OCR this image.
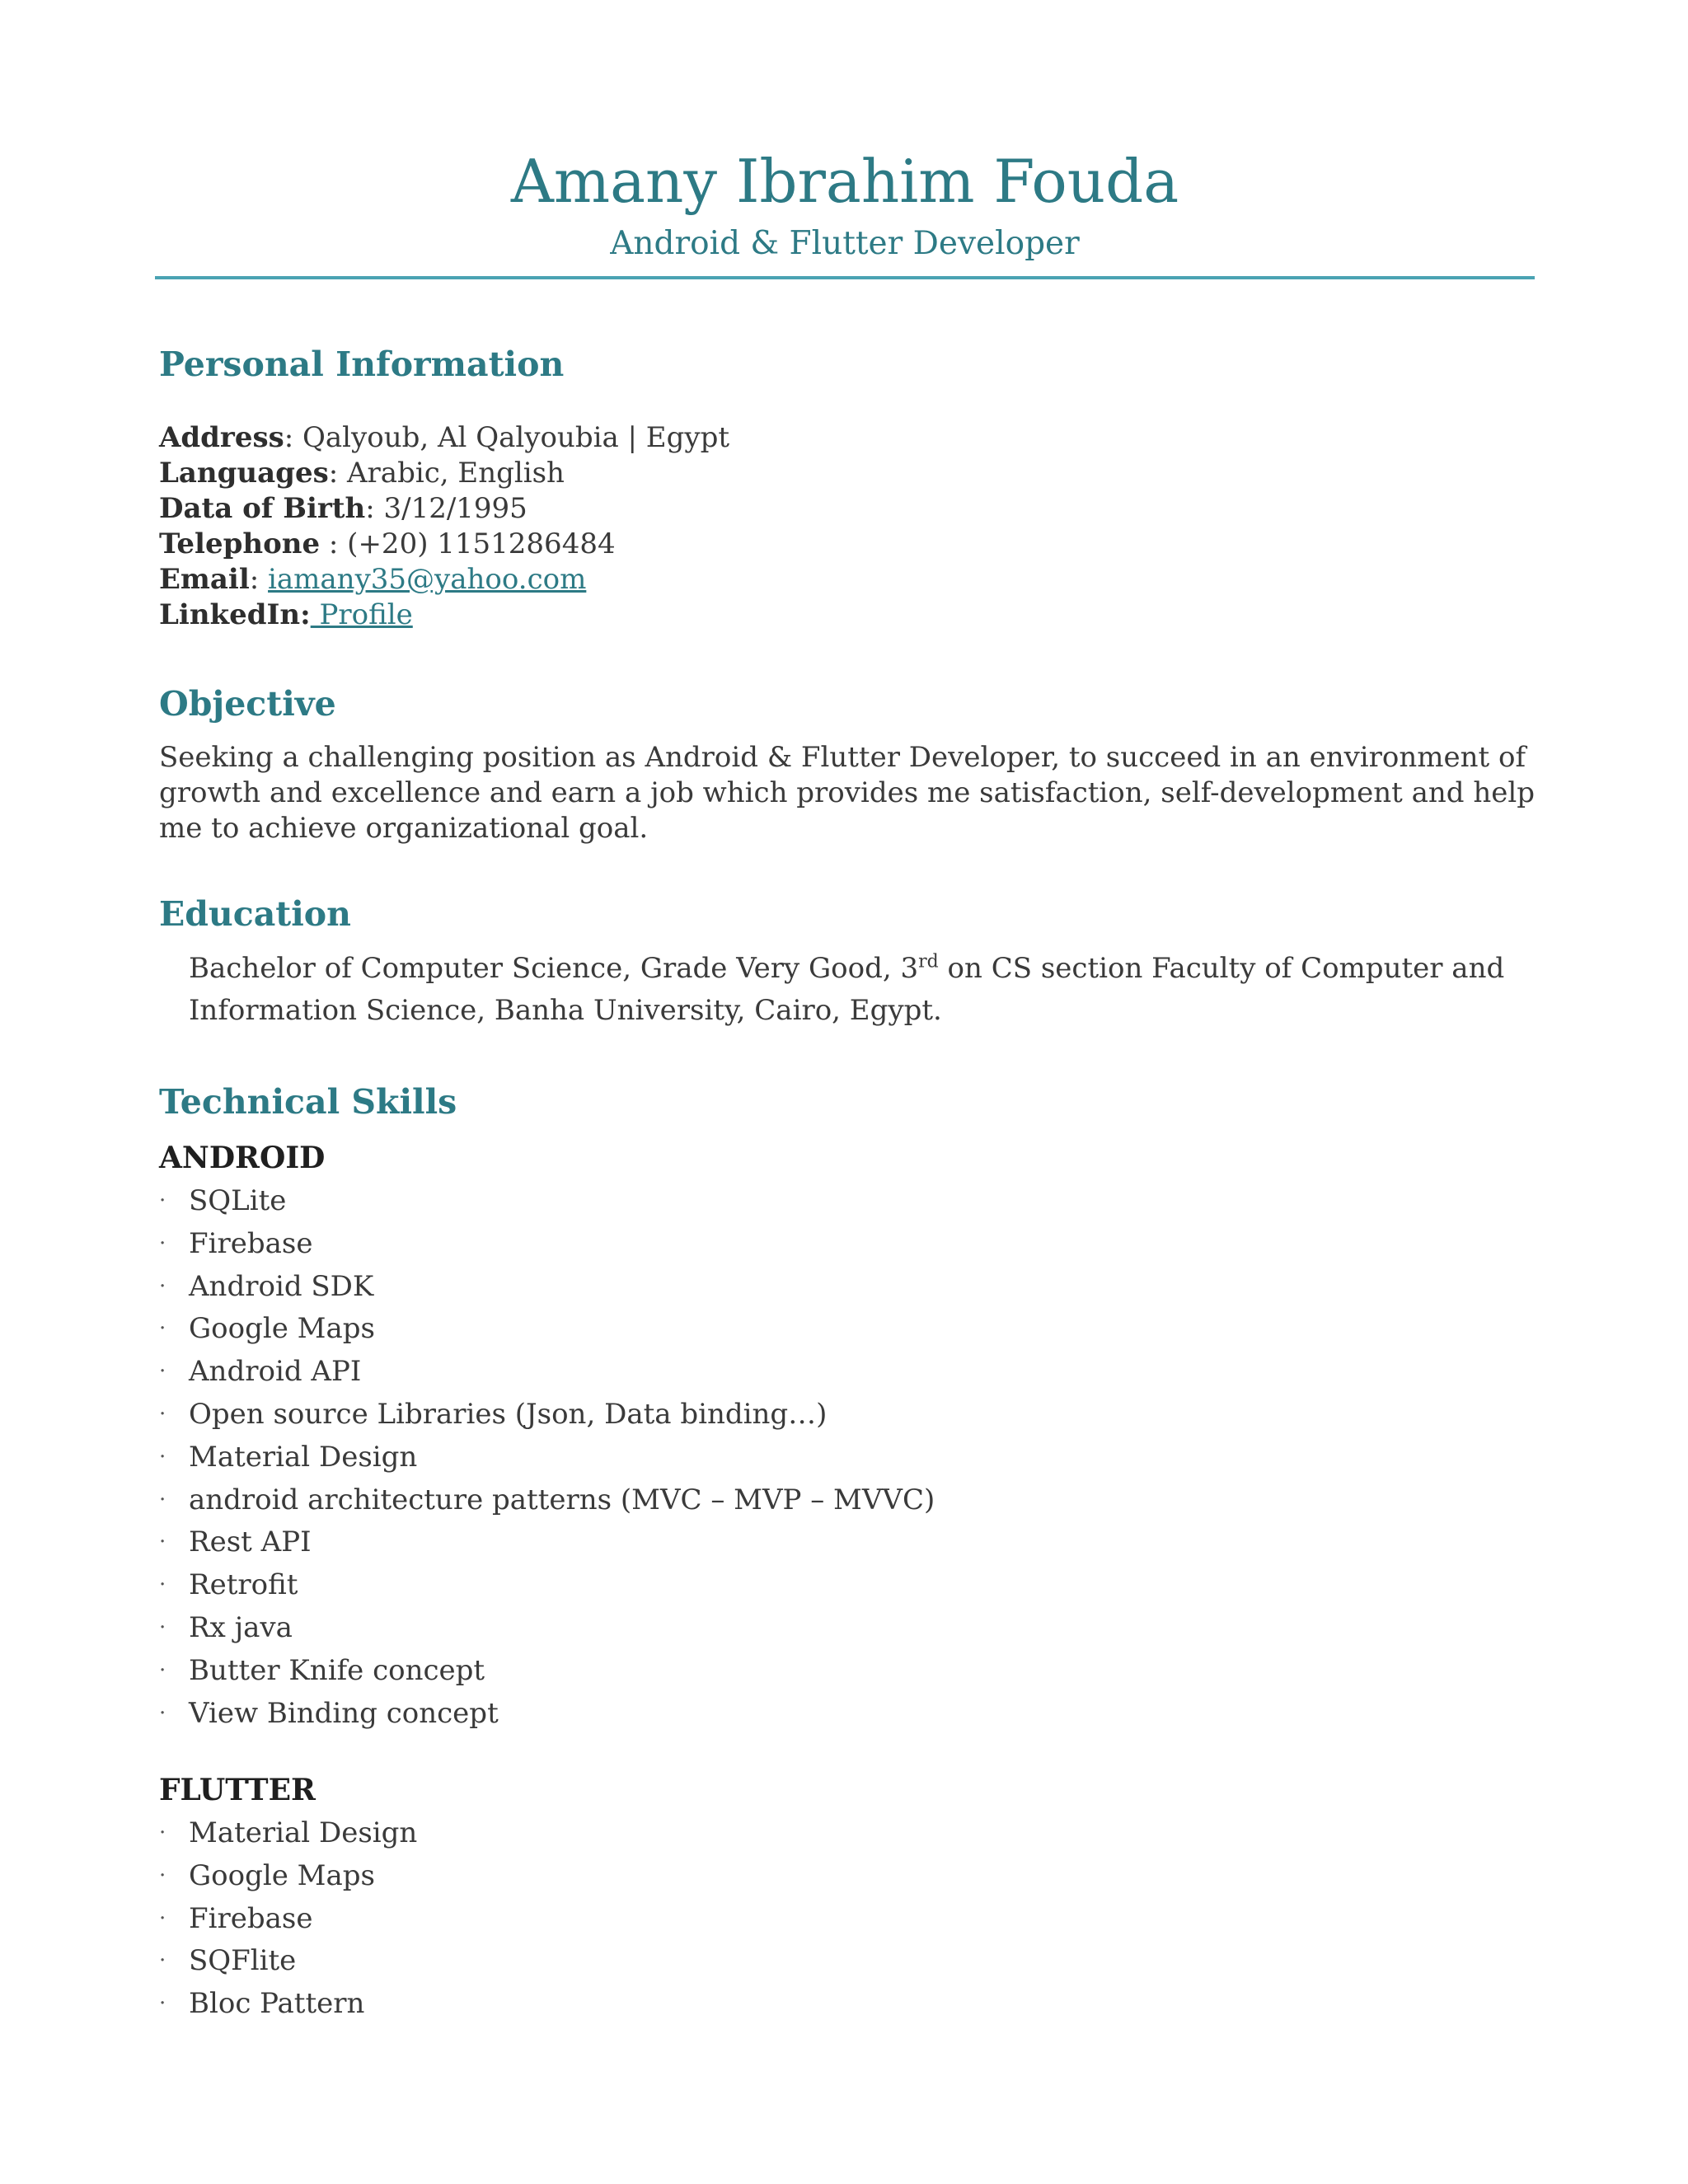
Amany Ibrahim Fouda
Android & Flutter Developer
Personal Information
Address: Qalyoub, Al Qalyoubia | Egypt
Languages: Arabic, English
Data of Birth: 3/12/1995
Telephone : (+20) 1151286484
Email: iamany35@yahoo.com
LinkedIn: Profile
Objective
Seeking a challenging position as Android & Flutter Developer, to succeed in an environment of growth and excellence and earn a job which provides me satisfaction, self-development and help me to achieve organizational goal.
Education
Bachelor of Computer Science, Grade Very Good, 3rd on CS section Faculty of Computer and Information Science, Banha University, Cairo, Egypt.
Technical Skills
ANDROID
· SQLite
· Firebase
· Android SDK
· Google Maps
· Android API
· Open source Libraries (Json, Data binding…)
· Material Design
· android architecture patterns (MVC – MVP – MVVC)
· Rest API
· Retrofit
· Rx java
· Butter Knife concept
· View Binding concept
FLUTTER
· Material Design
· Google Maps
· Firebase
· SQFlite
· Bloc Pattern
